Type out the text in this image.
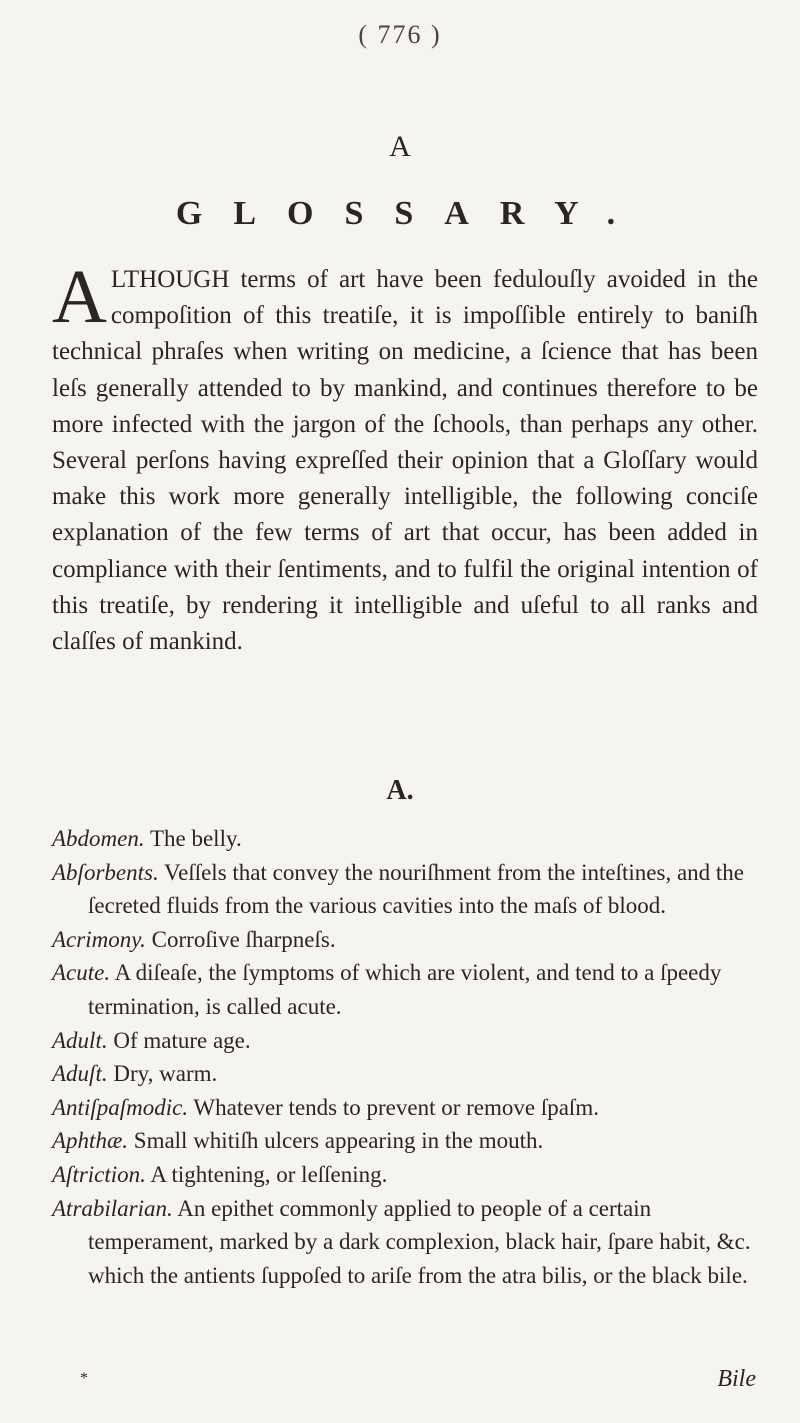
( 776 )
A
GLOSSARY.
ALTHOUGH terms of art have been fedulouſly avoided in the compoſition of this treatiſe, it is impoſſible entirely to baniſh technical phraſes when writing on medicine, a ſcience that has been leſs generally attended to by mankind, and continues therefore to be more infected with the jargon of the ſchools, than perhaps any other. Several perſons having expreſſed their opinion that a Gloſſary would make this work more generally intelligible, the following conciſe explanation of the few terms of art that occur, has been added in compliance with their ſentiments, and to fulfil the original intention of this treatiſe, by rendering it intelligible and uſeful to all ranks and claſſes of mankind.
A.
Abdomen. The belly.
Abſorbents. Veſſels that convey the nouriſhment from the inteſtines, and the ſecreted fluids from the various cavities into the maſs of blood.
Acrimony. Corroſive ſharpneſs.
Acute. A diſeaſe, the ſymptoms of which are violent, and tend to a ſpeedy termination, is called acute.
Adult. Of mature age.
Aduſt. Dry, warm.
Antiſpaſmodic. Whatever tends to prevent or remove ſpaſm.
Aphthæ. Small whitiſh ulcers appearing in the mouth.
Aſtriction. A tightening, or leſſening.
Atrabilarian. An epithet commonly applied to people of a certain temperament, marked by a dark complexion, black hair, ſpare habit, &c. which the antients ſuppoſed to ariſe from the atra bilis, or the black bile.
*	Bile
